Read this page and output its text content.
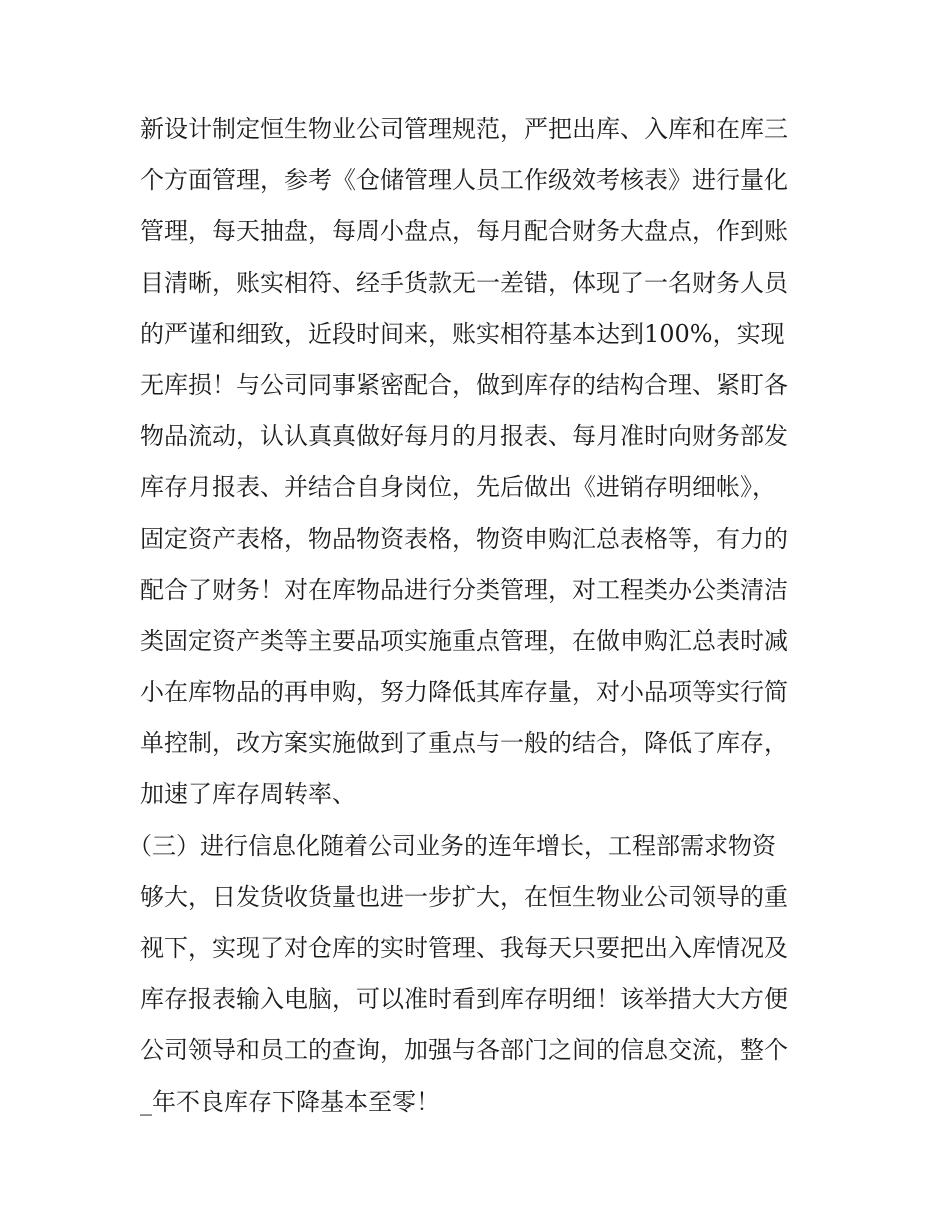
新设计制定恒生物业公司管理规范，严把出库、入库和在库三
个方面管理，参考《仓储管理人员工作级效考核表》进行量化
管理，每天抽盘，每周小盘点，每月配合财务大盘点，作到账
目清晰，账实相符、经手货款无一差错，体现了一名财务人员
的严谨和细致，近段时间来，账实相符基本达到100%，实现
无库损！与公司同事紧密配合，做到库存的结构合理、紧盯各
物品流动，认认真真做好每月的月报表、每月准时向财务部发
库存月报表、并结合自身岗位，先后做出《进销存明细帐》，
固定资产表格，物品物资表格，物资申购汇总表格等，有力的
配合了财务！对在库物品进行分类管理，对工程类办公类清洁
类固定资产类等主要品项实施重点管理，在做申购汇总表时减
小在库物品的再申购，努力降低其库存量，对小品项等实行简
单控制，改方案实施做到了重点与一般的结合，降低了库存，
加速了库存周转率、
（三）进行信息化随着公司业务的连年增长，工程部需求物资
够大，日发货收货量也进一步扩大，在恒生物业公司领导的重
视下，实现了对仓库的实时管理、我每天只要把出入库情况及
库存报表输入电脑，可以准时看到库存明细！该举措大大方便
公司领导和员工的查询，加强与各部门之间的信息交流，整个
_年不良库存下降基本至零！
